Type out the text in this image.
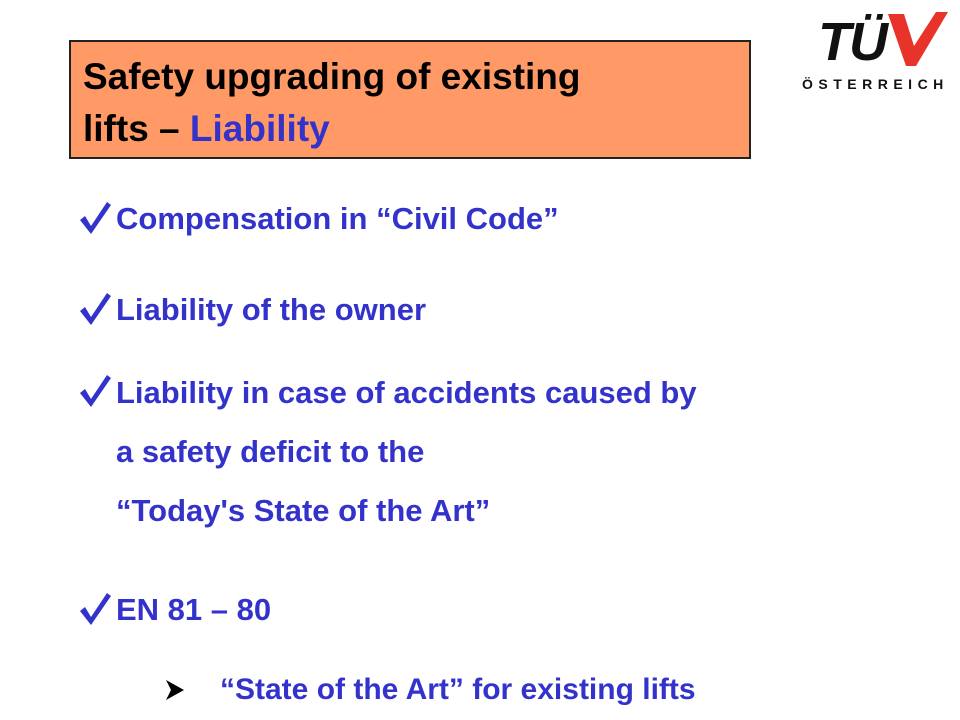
Safety upgrading of existing
lifts – Liability
TÜ
ÖSTERREICH
Compensation in “Civil Code”
Liability of the owner
Liability in case of accidents caused by
a safety deficit to the
“Today's State of the Art”
EN 81 – 80
“State of the Art” for existing lifts
